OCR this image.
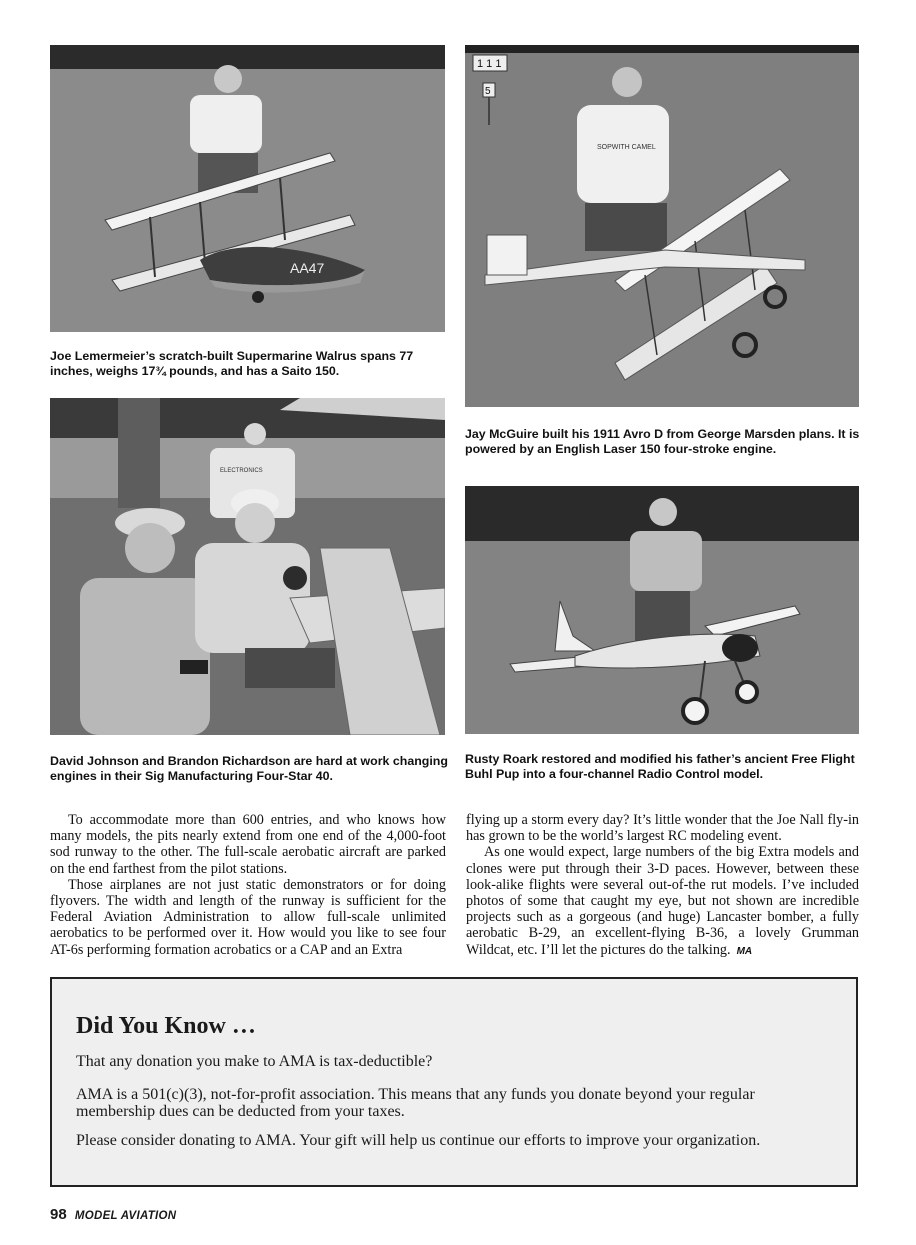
AA47

Joe Lemermeier’s scratch-built Supermarine Walrus spans 77 inches, weighs 17¾ pounds, and has a Saito 150.

1 1 1
5
SOPWITH CAMEL

Jay McGuire built his 1911 Avro D from George Marsden plans. It is powered by an English Laser 150 four-stroke engine.

ELECTRONICS

David Johnson and Brandon Richardson are hard at work changing engines in their Sig Manufacturing Four-Star 40.

Rusty Roark restored and modified his father’s ancient Free Flight Buhl Pup into a four-channel Radio Control model.

To accommodate more than 600 entries, and who knows how many models, the pits nearly extend from one end of the 4,000-foot sod runway to the other. The full-scale aerobatic aircraft are parked on the end farthest from the pilot stations.

Those airplanes are not just static demonstrators or for doing flyovers. The width and length of the runway is sufficient for the Federal Aviation Administration to allow full-scale unlimited aerobatics to be performed over it. How would you like to see four AT-6s performing formation acrobatics or a CAP and an Extra

flying up a storm every day? It’s little wonder that the Joe Nall fly-in has grown to be the world’s largest RC modeling event.

As one would expect, large numbers of the big Extra models and clones were put through their 3-D paces. However, between these look-alike flights were several out-of-the rut models. I’ve included photos of some that caught my eye, but not shown are incredible projects such as a gorgeous (and huge) Lancaster bomber, a fully aerobatic B-29, an excellent-flying B-36, a lovely Grumman Wildcat, etc. I’ll let the pictures do the talking. MA

Did You Know …

That any donation you make to AMA is tax-deductible?

AMA is a 501(c)(3), not-for-profit association. This means that any funds you donate beyond your regular membership dues can be deducted from your taxes.

Please consider donating to AMA. Your gift will help us continue our efforts to improve your organization.

98 MODEL AVIATION
